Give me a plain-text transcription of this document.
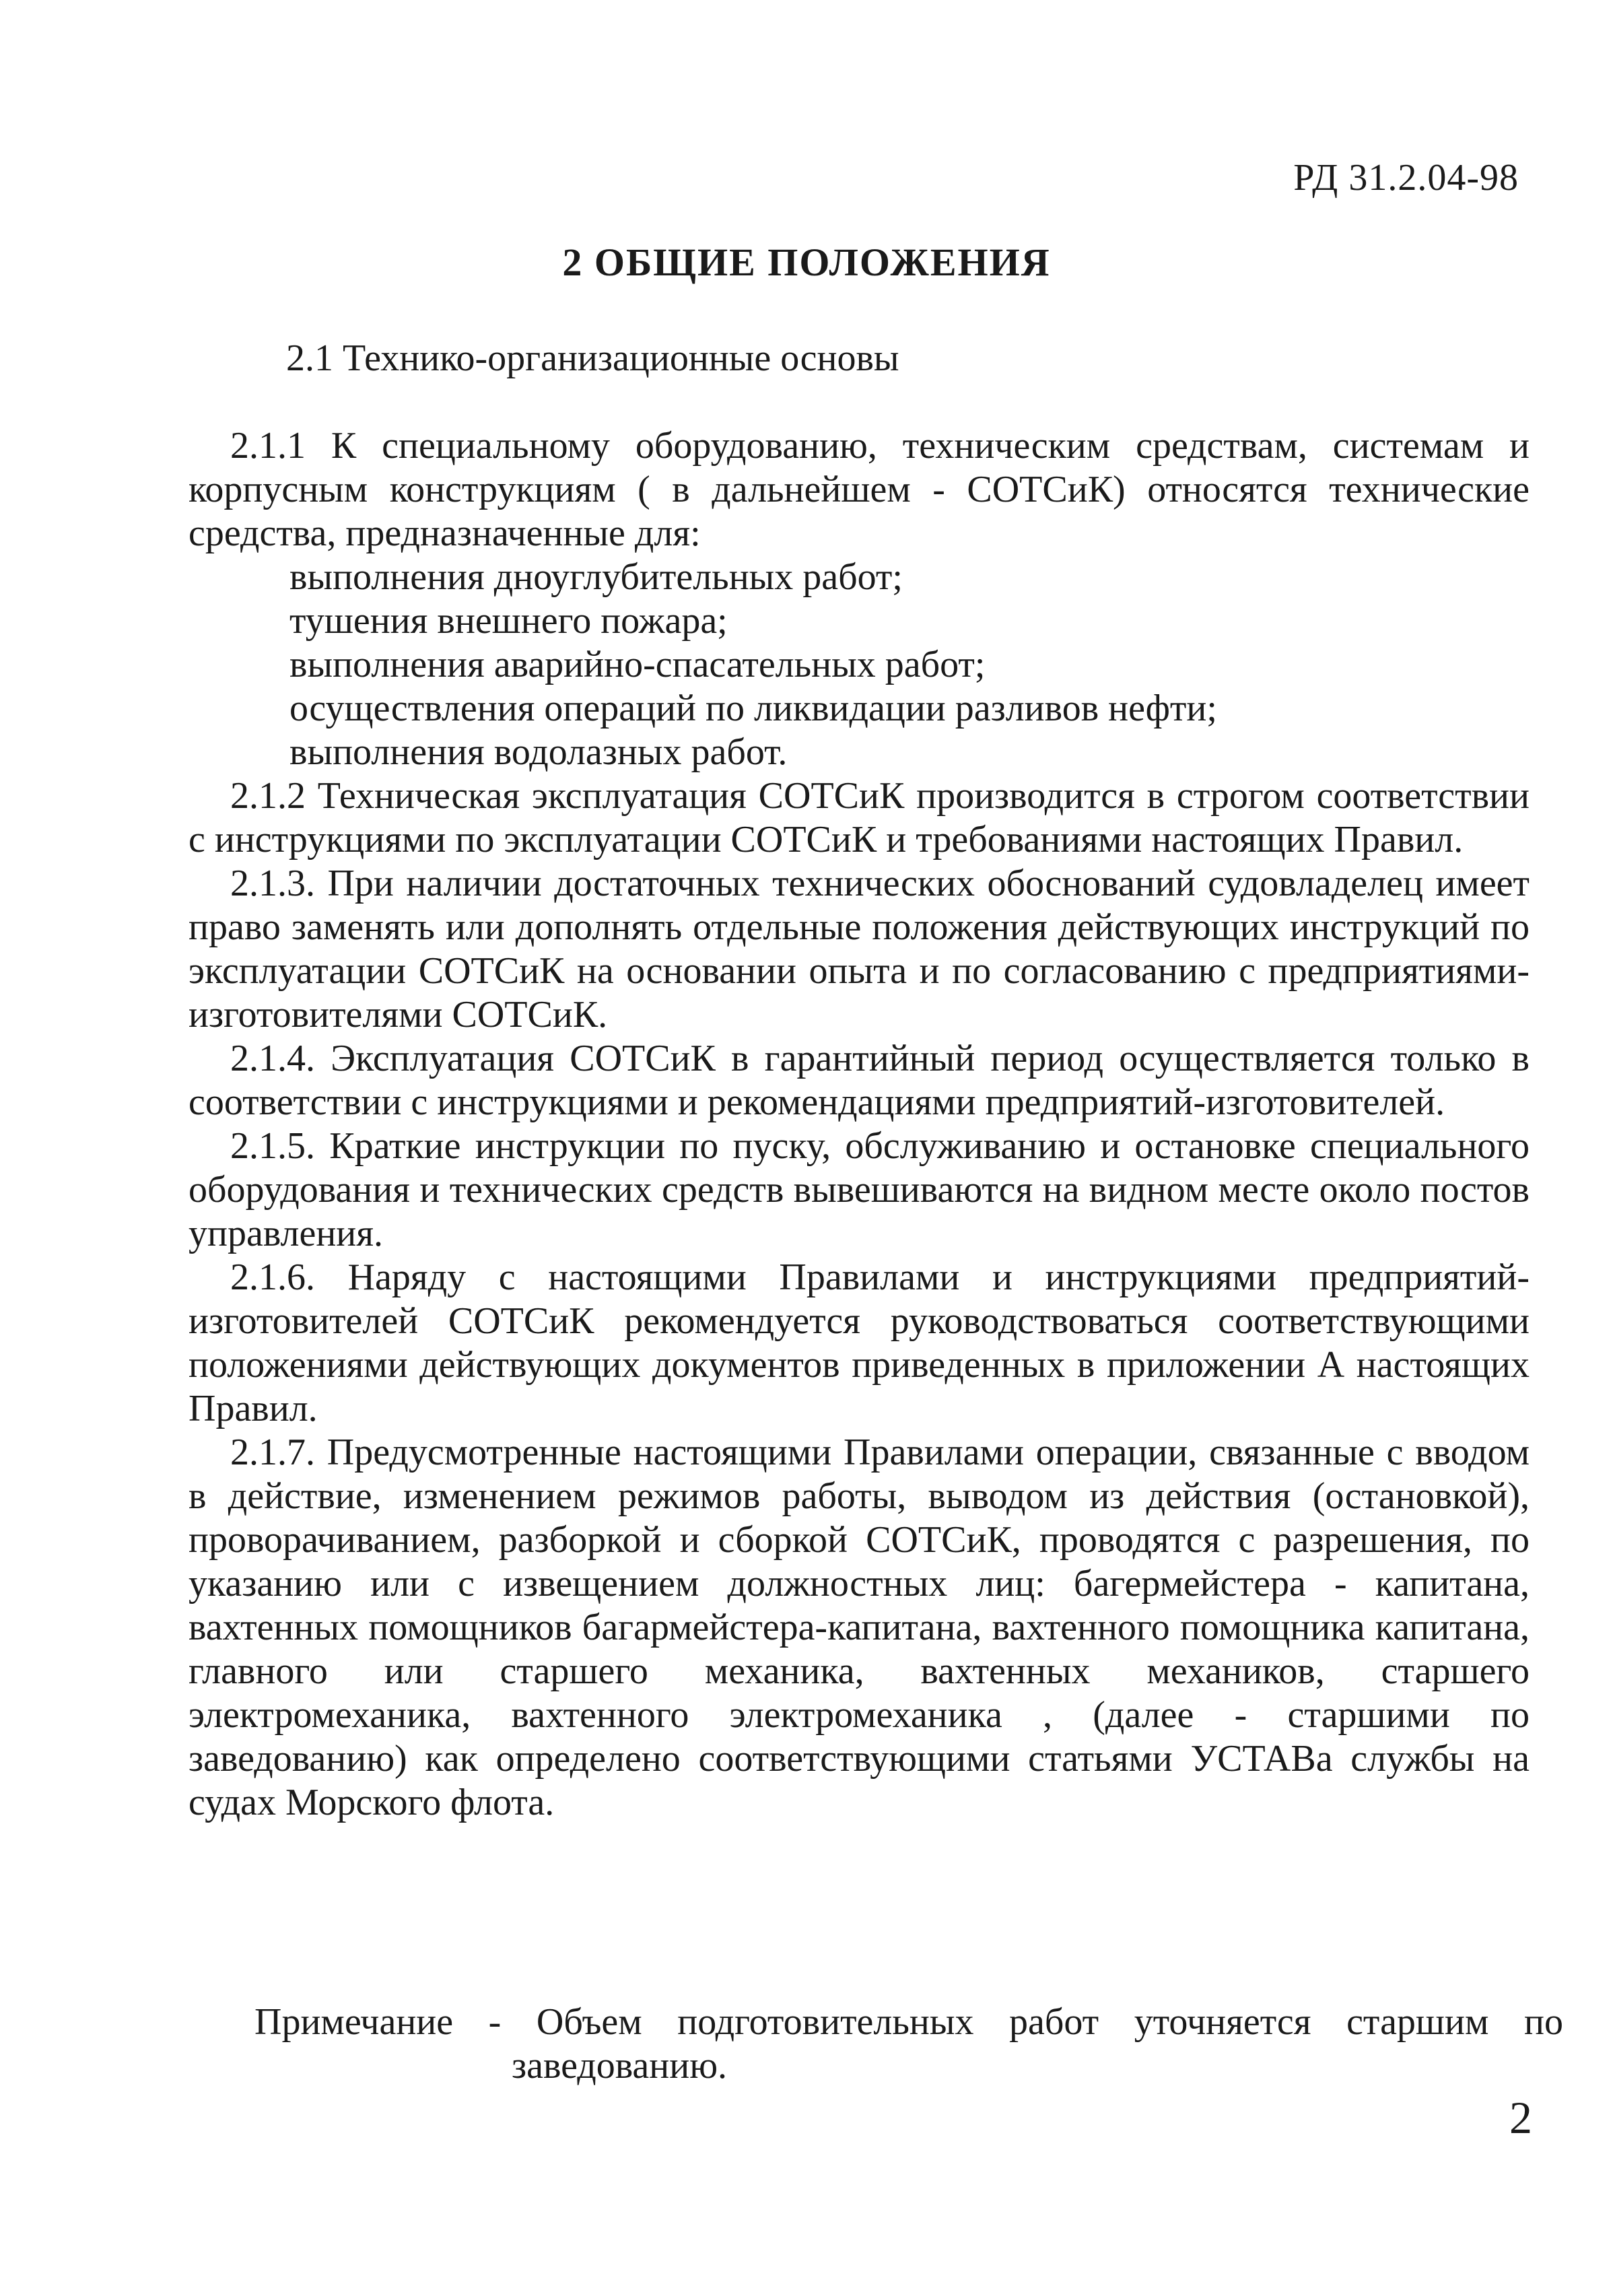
РД 31.2.04-98
2 ОБЩИЕ ПОЛОЖЕНИЯ
2.1 Технико-организационные основы

2.1.1 К специальному оборудованию, техническим средствам, системам и корпусным конструкциям ( в дальнейшем - СОТСиК) относятся технические средства, предназначенные для:

выполнения дноуглубительных работ;
тушения внешнего пожара;
выполнения аварийно-спасательных работ;
осуществления операций по ликвидации разливов нефти;
выполнения водолазных работ.

2.1.2 Техническая эксплуатация СОТСиК производится в строгом соответствии с инструкциями по эксплуатации СОТСиК и требованиями настоящих Правил.

2.1.3. При наличии достаточных технических обоснований судовладелец имеет право заменять или дополнять отдельные положения действующих инструкций по эксплуатации СОТСиК на основании опыта и по согласованию с предприятиями-изготовителями СОТСиК.

2.1.4. Эксплуатация СОТСиК в гарантийный период осуществляется только в соответствии с инструкциями и рекомендациями предприятий-изготовителей.

2.1.5. Краткие инструкции по пуску, обслуживанию и остановке специального оборудования и технических средств вывешиваются на видном месте около постов управления.

2.1.6. Наряду с настоящими Правилами и инструкциями предприятий-изготовителей СОТСиК рекомендуется руководствоваться соответствующими положениями действующих документов приведенных в приложении А настоящих Правил.

2.1.7. Предусмотренные настоящими Правилами операции, связанные с вводом в действие, изменением режимов работы, выводом из действия (остановкой), проворачиванием, разборкой и сборкой СОТСиК, проводятся с разрешения, по указанию или с извещением должностных лиц: багермейстера - капитана, вахтенных помощников багармейстера-капитана, вахтенного помощника капитана, главного или старшего механика, вахтенных механиков, старшего электромеханика, вахтенного электромеханика , (далее - старшими по заведованию) как определено соответствующими статьями УСТАВа службы на судах Морского флота.

Примечание - Объем подготовительных работ уточняется старшим по
заведованию.
2
